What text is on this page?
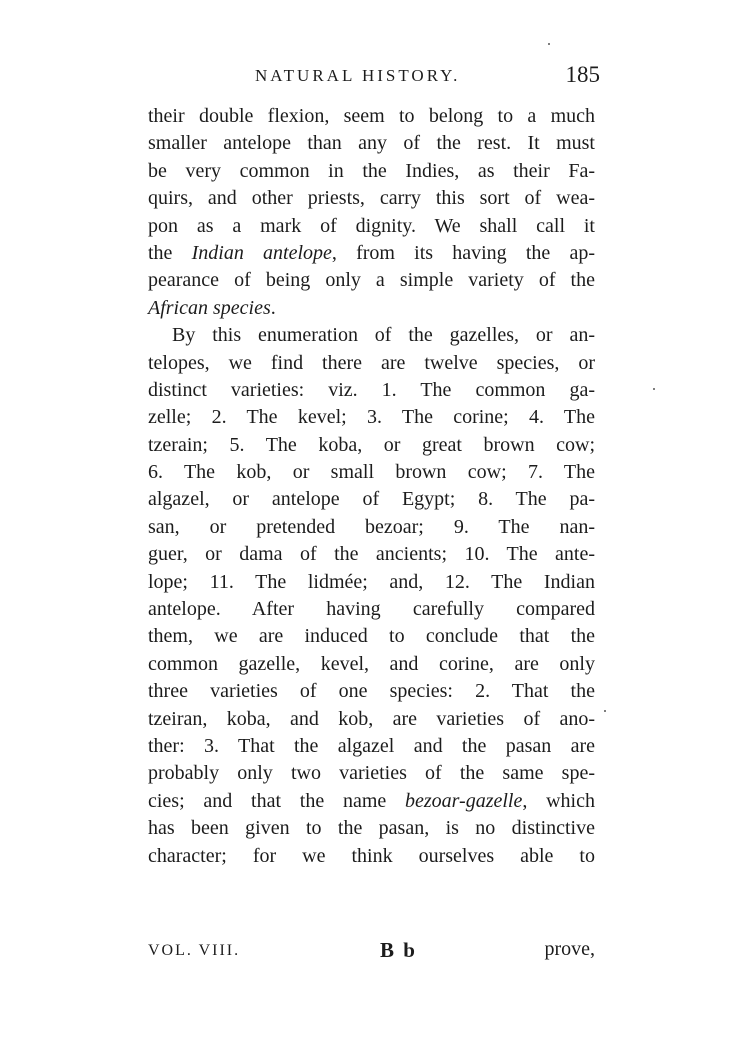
NATURAL HISTORY.	185
their double flexion, seem to belong to a much
smaller antelope than any of the rest. It must
be very common in the Indies, as their Fa-
quirs, and other priests, carry this sort of wea-
pon as a mark of dignity. We shall call it
the Indian antelope, from its having the ap-
pearance of being only a simple variety of the
African species.
By this enumeration of the gazelles, or an-
telopes, we find there are twelve species, or
distinct varieties: viz. 1. The common ga-
zelle; 2. The kevel; 3. The corine; 4. The
tzerain; 5. The koba, or great brown cow;
6. The kob, or small brown cow; 7. The
algazel, or antelope of Egypt; 8. The pa-
san, or pretended bezoar; 9. The nan-
guer, or dama of the ancients; 10. The ante-
lope; 11. The lidmée; and, 12. The Indian
antelope. After having carefully compared
them, we are induced to conclude that the
common gazelle, kevel, and corine, are only
three varieties of one species: 2. That the
tzeiran, koba, and kob, are varieties of ano-
ther: 3. That the algazel and the pasan are
probably only two varieties of the same spe-
cies; and that the name bezoar-gazelle, which
has been given to the pasan, is no distinctive
character; for we think ourselves able to
VOL. VIII.	B b	prove,
